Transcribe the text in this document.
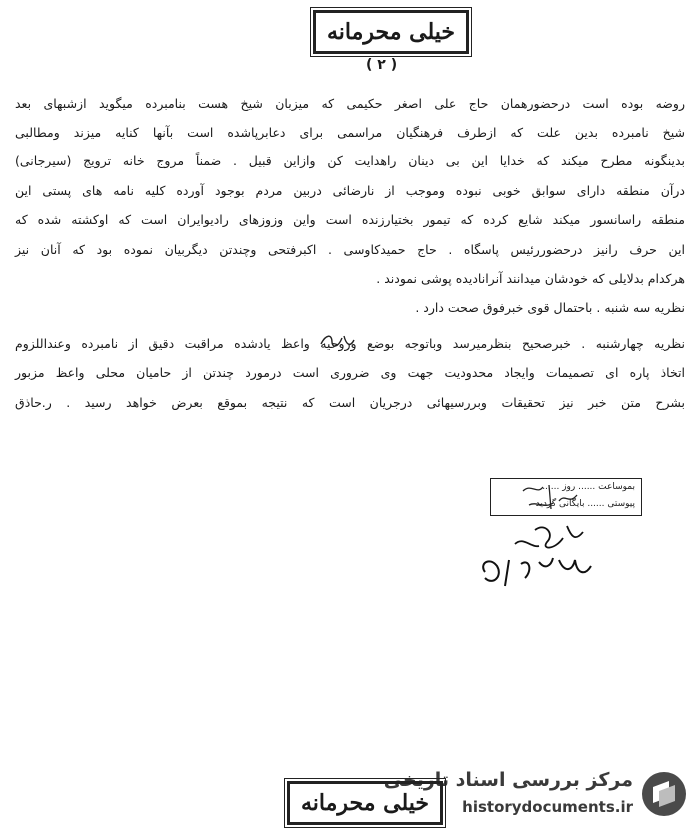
خیلی محرمانه
( ۲ )
روضه بوده است درحضورهمان حاج علی اصغر حکیمی که میزبان شیخ هست بنامبرده میگوید ازشبهای بعد
شیخ نامبرده بدین علت که ازطرف فرهنگیان مراسمی برای دعابرپاشده است بآنها کنایه میزند ومطالبی
بدینگونه مطرح میکند که خدایا این بی دینان راهدایت کن وازاین قبیل . ضمناً مروج خانه ترویج (سیرجانی)
درآن منطقه دارای سوابق خوبی نبوده وموجب از نارضائی دربین مردم بوجود آورده کلیه نامه های پستی این
منطقه راسانسور میکند شایع کرده که تیمور بختیارزنده است واین وزوزهای رادیوایران است که اوکشته شده که
این حرف رانیز درحضوررئیس پاسگاه . حاج حمیدکاوسی . اکبرفتحی وچندتن دیگربیان نموده بود که آنان نیز
هرکدام بدلایلی که خودشان میدانند آنرانادیده پوشی نمودند .
نظریه سه شنبه . باحتمال قوی خبرفوق صحت دارد .
نظریه چهارشنبه . خبرصحیح بنظرمیرسد وباتوجه بوضع وروحیه واعظ یادشده مراقبت دقیق از نامبرده وعنداللزوم
اتخاذ پاره ای تصمیمات وایجاد محدودیت جهت وی ضروری است درمورد چندتن از حامیان محلی واعظ مزبور
بشرح متن خبر نیز تحقیقات وبررسیهائی درجریان است که نتیجه بموقع بعرض خواهد رسید . ر.حاذق
بموساعت ...... روز ......
پیوستی ...... بایگانی گردید
مرکز بررسی اسناد تاریخی
historydocuments.ir
خیلی محرمانه
